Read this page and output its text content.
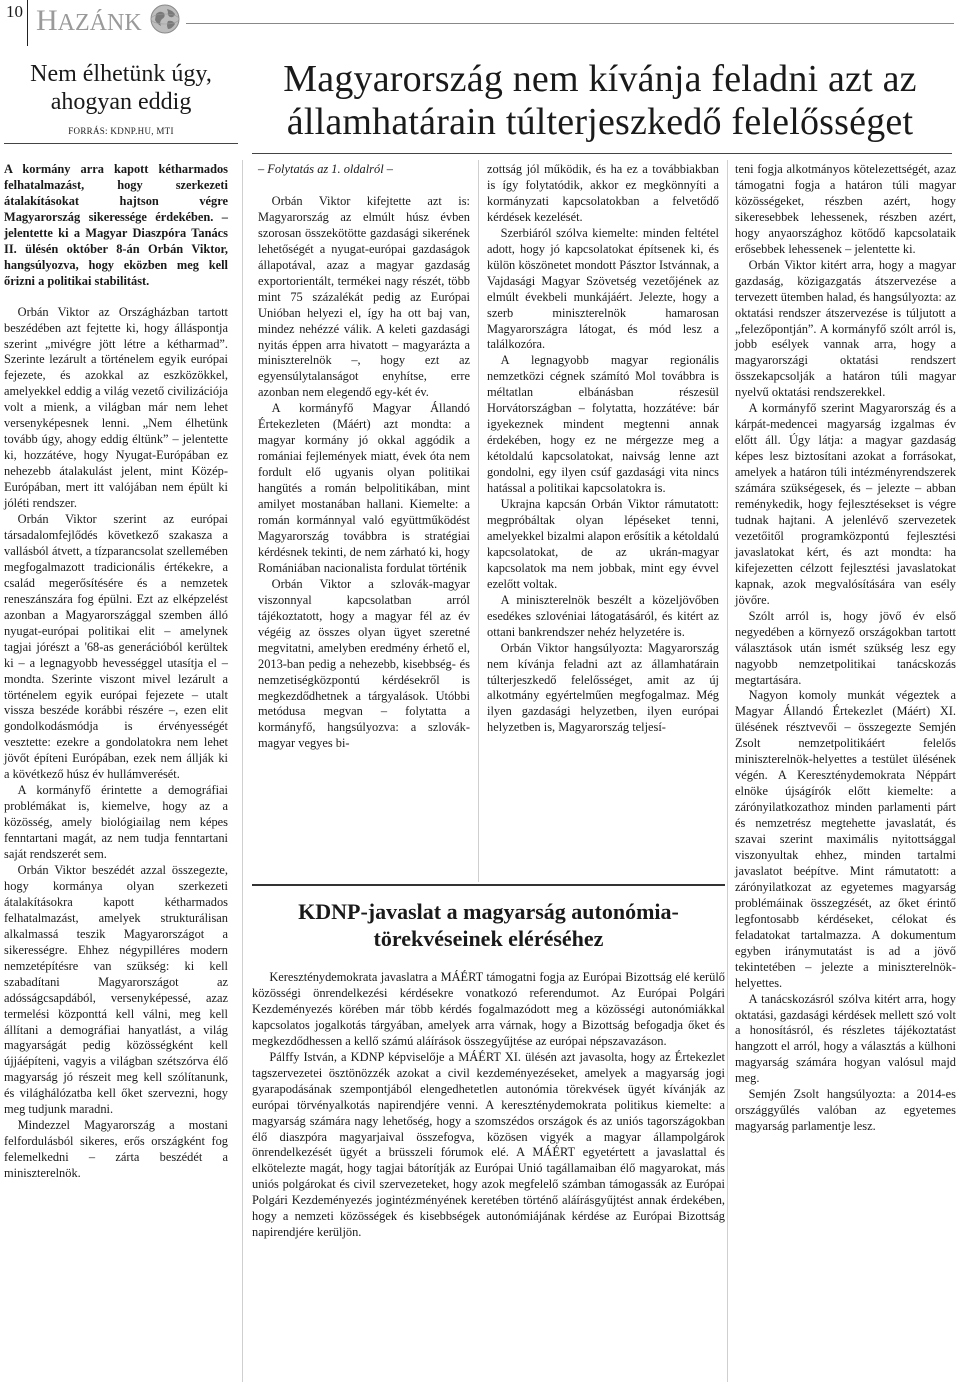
10 HAZÁNK
Nem élhetünk úgy, ahogyan eddig
FORRÁS: KDNP.HU, MTI
Magyarország nem kívánja feladni azt az államhatárain túlterjeszkedő felelősséget

A kormány arra kapott kétharmados felhatalmazást, hogy szerkezeti átalakításokat hajtson végre Magyarország sikeressége érdekében. – jelentette ki a Magyar Diaszpóra Tanács II. ülésén október 8-án Orbán Viktor, hangsúlyozva, hogy eközben meg kell őrizni a politikai stabilitást.

Orbán Viktor az Országházban tartott beszédében azt fejtette ki, hogy álláspontja szerint „mivégre jött létre a kétharmad”. Szerinte lezárult a történelem egyik európai fejezete, és azokkal az eszközökkel, amelyekkel eddig a világ vezető civilizációja volt a mienk, a világban már nem lehet versenyképesnek lenni. „Nem élhetünk tovább úgy, ahogy eddig éltünk” – jelentette ki, hozzátéve, hogy Nyugat-Európában ez nehezebb átalakulást jelent, mint Közép-Európában, mert itt valójában nem épült ki jóléti rendszer.

Orbán Viktor szerint az európai társadalomfejlődés következő szakasza a vallásból átvett, a tízparancsolat szellemében megfogalmazott tradicionális értékekre, a család megerősítésére és a nemzetek reneszánszára fog épülni. Ezt az elképzelést azonban a Magyarországgal szemben álló nyugat-európai politikai elit – amelynek tagjai jórészt a '68-as generációból kerültek ki – a legnagyobb hevességgel utasítja el – mondta. Szerinte viszont mivel lezárult a történelem egyik európai fejezete – utalt vissza beszéde korábbi részére –, ezen elit gondolkodásmódja is érvényességét vesztette: ezekre a gondolatokra nem lehet jövőt építeni Európában, ezek nem állják ki a kövétkező húsz év hullámverését.

A kormányfő érintette a demográfiai problémákat is, kiemelve, hogy az a közösség, amely biológiailag nem képes fenntartani magát, az nem tudja fenntartani saját rendszerét sem.

Orbán Viktor beszédét azzal összegezte, hogy kormánya olyan szerkezeti átalakításokra kapott kétharmados felhatalmazást, amelyek strukturálisan alkalmassá teszik Magyarországot a sikerességre. Ehhez négypilléres modern nemzetépítésre van szükség: ki kell szabadítani Magyarországot az adósságcsapdából, versenyképessé, azaz termelési központtá kell válni, meg kell állítani a demográfiai hanyatlást, a világ magyarságát pedig közösségként kell újjáépíteni, vagyis a világban szétszórva élő magyarság jó részeit meg kell szólítanunk, és világhálózatba kell őket szervezni, hogy meg tudjunk maradni.

Mindezzel Magyarország a mostani felfordulásból sikeres, erős országként fog felemelkedni – zárta beszédét a miniszterelnök.

– Folytatás az 1. oldalról –

Orbán Viktor kifejtette azt is: Magyarország az elmúlt húsz évben szorosan összekötötte gazdasági sikerének lehetőségét a nyugat-európai gazdaságok állapotával, azaz a magyar gazdaság exportorientált, termékei nagy részét, több mint 75 százalékát pedig az Európai Unióban helyezi el, így ha ott baj van, mindez nehézzé válik. A keleti gazdasági nyitás éppen arra hivatott – magyarázta a miniszterelnök –, hogy ezt az egyensúlytalanságot enyhítse, erre azonban nem elegendő egy-két év.

A kormányfő Magyar Állandó Értekezleten (Máért) azt mondta: a magyar kormány jó okkal aggódik a romániai fejlemények miatt, évek óta nem fordult elő ugyanis olyan politikai hangütés a román belpolitikában, mint amilyet mostanában hallani. Kiemelte: a román kormánnyal való együttműködést Magyarország továbbra is stratégiai kérdésnek tekinti, de nem zárható ki, hogy Romániában nacionalista fordulat történik

Orbán Viktor a szlovák-magyar viszonnyal kapcsolatban arról tájékoztatott, hogy a magyar fél az év végéig az összes olyan ügyet szeretné megvitatni, amelyben eredmény érhető el, 2013-ban pedig a nehezebb, kisebbség- és nemzetiségközpontú kérdésekről is megkezdődhetnek a tárgyalások. Utóbbi metódusa megvan – folytatta a kormányfő, hangsúlyozva: a szlovák-magyar vegyes bi-

zottság jól működik, és ha ez a továbbiakban is így folytatódik, akkor ez megkönnyíti a kormányzati kapcsolatokban a felvetődő kérdések kezelését.

Szerbiáról szólva kiemelte: minden feltétel adott, hogy jó kapcsolatokat építsenek ki, és külön köszönetet mondott Pásztor Istvánnak, a Vajdasági Magyar Szövetség vezetőjének az elmúlt évekbeli munkájáért. Jelezte, hogy a szerb miniszterelnök hamarosan Magyarországra látogat, és mód lesz a találkozóra.

A legnagyobb magyar regionális nemzetközi cégnek számító Mol továbbra is méltatlan elbánásban részesül Horvátországban – folytatta, hozzátéve: bár igyekeznek mindent megtenni annak érdekében, hogy ez ne mérgezze meg a kétoldalú kapcsolatokat, naivság lenne azt gondolni, egy ilyen csúf gazdasági vita nincs hatással a politikai kapcsolatokra is.

Ukrajna kapcsán Orbán Viktor rámutatott: megpróbáltak olyan lépéseket tenni, amelyekkel bizalmi alapon erősítik a kétoldalú kapcsolatokat, de az ukrán-magyar kapcsolatok ma nem jobbak, mint egy évvel ezelőtt voltak.

A miniszterelnök beszélt a közeljövőben esedékes szlovéniai látogatásáról, és kitért az ottani bankrendszer nehéz helyzetére is.

Orbán Viktor hangsúlyozta: Magyarország nem kívánja feladni azt az államhatárain túlterjeszkedő felelősséget, amit az új alkotmány egyértelműen megfogalmaz. Még ilyen gazdasági helyzetben, ilyen európai helyzetben is, Magyarország teljesí-

teni fogja alkotmányos kötelezettségét, azaz támogatni fogja a határon túli magyar közösségeket, részben azért, hogy sikeresebbek lehessenek, részben azért, hogy anyaországhoz kötődő kapcsolataik erősebbek lehessenek – jelentette ki.

Orbán Viktor kitért arra, hogy a magyar gazdaság, közigazgatás átszervezése a tervezett ütemben halad, és hangsúlyozta: az oktatási rendszer átszervezése is túljutott a „felezőpontján”. A kormányfő szólt arról is, jobb esélyek vannak arra, hogy a magyarországi oktatási rendszert összekapcsolják a határon túli magyar nyelvű oktatási rendszerekkel.

A kormányfő szerint Magyarország és a kárpát-medencei magyarság izgalmas év előtt áll. Úgy látja: a magyar gazdaság képes lesz biztosítani azokat a forrásokat, amelyek a határon túli intézményrendszerek számára szükségesek, és – jelezte – abban reménykedik, hogy fejlesztésekset is végre tudnak hajtani. A jelenlévő szervezetek vezetőitől programközpontú fejlesztési javaslatokat kért, és azt mondta: ha kifejezetten célzott fejlesztési javaslatokat kapnak, azok megvalósítására van esély jövőre.

Szólt arról is, hogy jövő év első negyedében a környező országokban tartott választások után ismét szükség lesz egy nagyobb nemzetpolitikai tanácskozás megtartására.

Nagyon komoly munkát végeztek a Magyar Állandó Értekezlet (Máért) XI. ülésének résztvevői – összegezte Semjén Zsolt nemzetpolitikáért felelős miniszterelnök-helyettes a testület ülésének végén. A Kereszténydemokrata Néppárt elnöke újságírók előtt kiemelte: a zárónyilatkozathoz minden parlamenti párt és nemzetrész megtehette javaslatát, és szavai szerint maximális nyitottsággal viszonyultak ehhez, minden tartalmi javaslatot beépítve. Mint rámutatott: a zárónyilatkozat az egyetemes magyarság problémáinak összegzését, az őket érintő legfontosabb kérdéseket, célokat és feladatokat tartalmazza. A dokumentum egyben iránymutatást is ad a jövő tekintetében – jelezte a miniszterelnök-helyettes.

A tanácskozásról szólva kitért arra, hogy oktatási, gazdasági kérdések mellett szó volt a honosításról, és részletes tájékoztatást hangzott el arról, hogy a választás a külhoni magyarság számára hogyan valósul majd meg.

Semjén Zsolt hangsúlyozta: a 2014-es országgyűlés valóban az egyetemes magyarság parlamentje lesz.

KDNP-javaslat a magyarság autonómia-törekvéseinek eléréséhez

Kereszténydemokrata javaslatra a MÁÉRT támogatni fogja az Európai Bizottság elé kerülő közösségi önrendelkezési kérdésekre vonatkozó referendumot. Az Európai Polgári Kezdeményezés körében már több kérdés fogalmazódott meg a közösségi autonómiákkal kapcsolatos jogalkotás tárgyában, amelyek arra várnak, hogy a Bizottság befogadja őket és megkezdődhessen a kellő számú aláírások összegyűjtése az európai népszavazáson.

Pálffy István, a KDNP képviselője a MÁÉRT XI. ülésén azt javasolta, hogy az Értekezlet tagszervezetei ösztönözzék azokat a civil kezdeményezéseket, amelyek a magyarság jogi gyarapodásának szempontjából elengedhetetlen autonómia törekvések ügyét kívánják az európai törvényalkotás napirendjére venni. A kereszténydemokrata politikus kiemelte: a magyarság számára nagy lehetőség, hogy a szomszédos országok és az uniós tagországokban élő diaszpóra magyarjaival összefogva, közösen vigyék a magyar állampolgárok önrendelkezését ügyét a brüsszeli fórumok elé. A MÁÉRT egyetértett a javaslattal és elkötelezte magát, hogy tagjai bátorítják az Európai Unió tagállamaiban élő magyarokat, más uniós polgárokat és civil szervezeteket, hogy azok megfelelő számban támogassák az Európai Polgári Kezdeményezés jogintézményének keretében történő aláírásgyűjtést annak érdekében, hogy a nemzeti közösségek és kisebbségek autonómiájának kérdése az Európai Bizottság napirendjére kerüljön.
